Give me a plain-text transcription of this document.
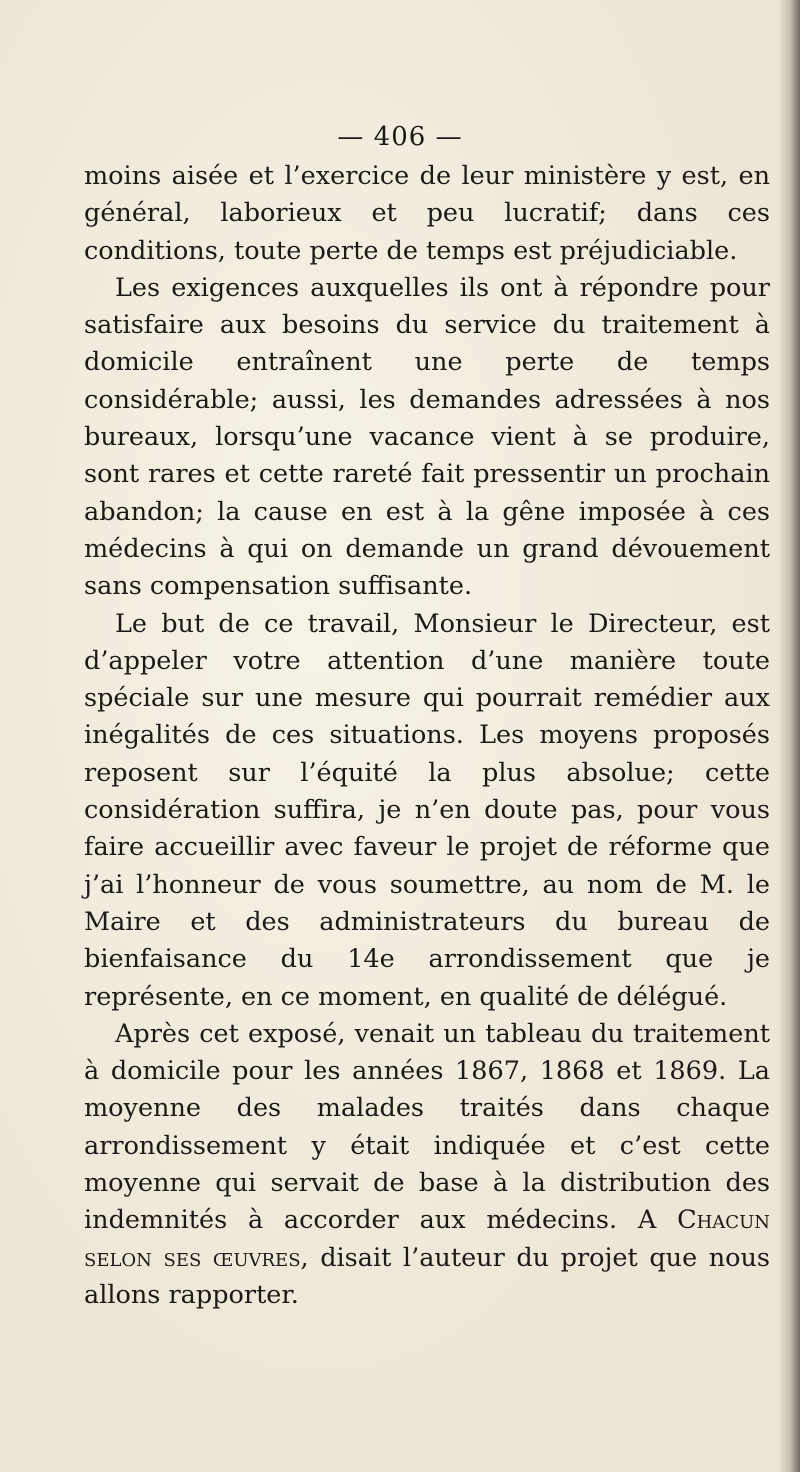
— 406 —

moins aisée et l’exercice de leur ministère y est, en général, laborieux et peu lucratif; dans ces conditions, toute perte de temps est préjudiciable.

Les exigences auxquelles ils ont à répondre pour satisfaire aux besoins du service du traitement à domicile entraînent une perte de temps considérable; aussi, les demandes adressées à nos bureaux, lorsqu’une vacance vient à se produire, sont rares et cette rareté fait pressentir un prochain abandon; la cause en est à la gêne imposée à ces médecins à qui on demande un grand dévouement sans compensation suffisante.

Le but de ce travail, Monsieur le Directeur, est d’appeler votre attention d’une manière toute spéciale sur une mesure qui pourrait remédier aux inégalités de ces situations. Les moyens proposés reposent sur l’équité la plus absolue; cette considération suffira, je n’en doute pas, pour vous faire accueillir avec faveur le projet de réforme que j’ai l’honneur de vous soumettre, au nom de M. le Maire et des administrateurs du bureau de bienfaisance du 14e arrondissement que je représente, en ce moment, en qualité de délégué.

Après cet exposé, venait un tableau du traitement à domicile pour les années 1867, 1868 et 1869. La moyenne des malades traités dans chaque arrondissement y était indiquée et c’est cette moyenne qui servait de base à la distribution des indemnités à accorder aux médecins. A Chacun selon ses œuvres, disait l’auteur du projet que nous allons rapporter.
